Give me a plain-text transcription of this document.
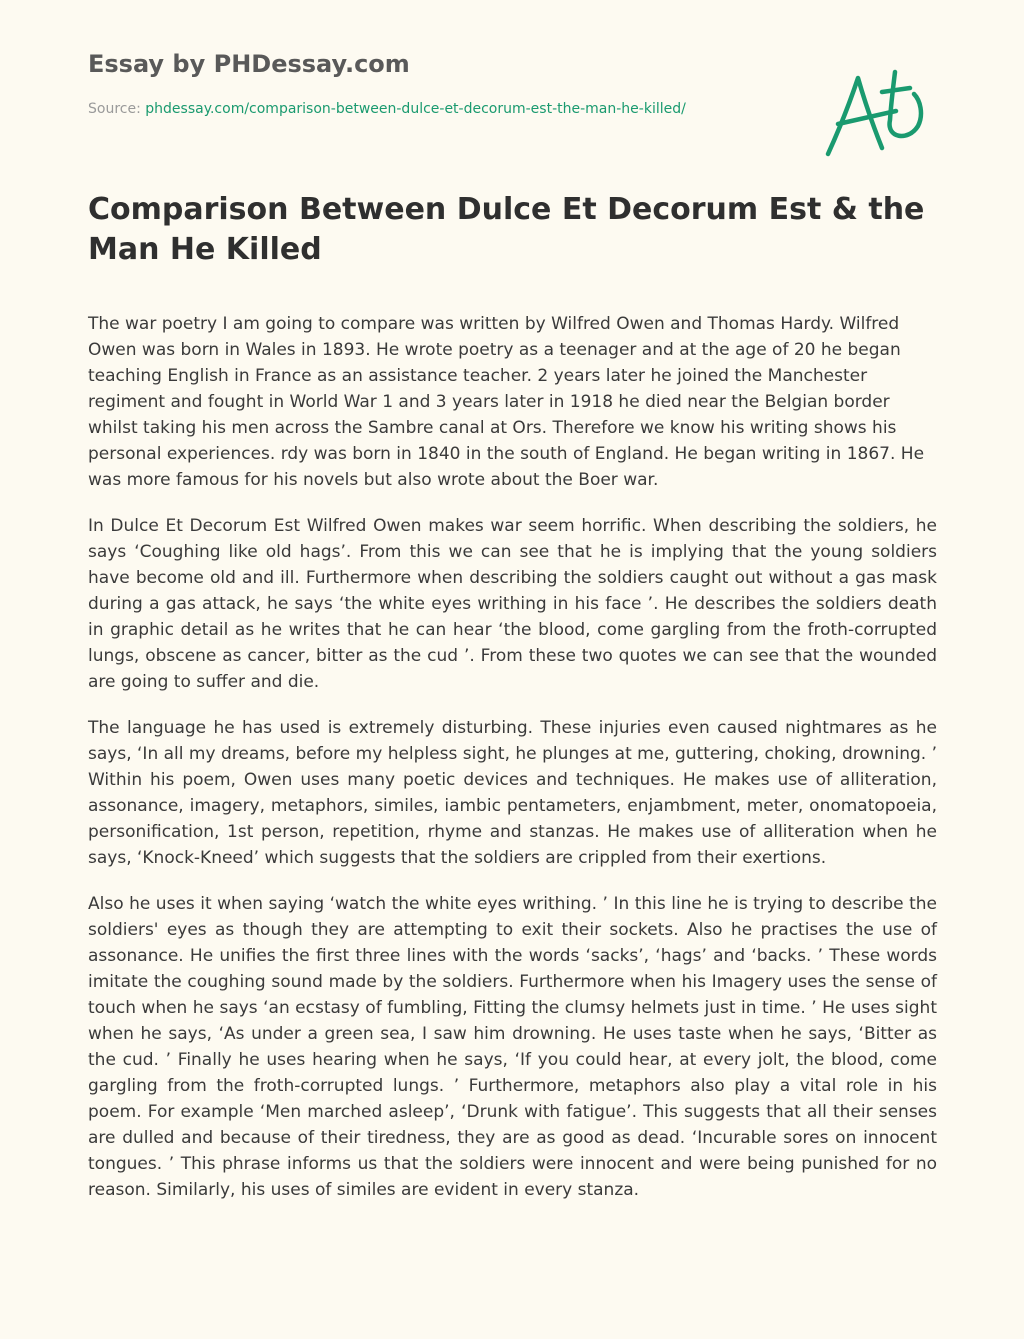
Essay by PHDessay.com
Source: phdessay.com/comparison-between-dulce-et-decorum-est-the-man-he-killed/
Comparison Between Dulce Et Decorum Est & the Man He Killed

The war poetry I am going to compare was written by Wilfred Owen and Thomas Hardy. Wilfred Owen was born in Wales in 1893. He wrote poetry as a teenager and at the age of 20 he began teaching English in France as an assistance teacher. 2 years later he joined the Manchester regiment and fought in World War 1 and 3 years later in 1918 he died near the Belgian border whilst taking his men across the Sambre canal at Ors. Therefore we know his writing shows his personal experiences. rdy was born in 1840 in the south of England. He began writing in 1867. He was more famous for his novels but also wrote about the Boer war.

In Dulce Et Decorum Est Wilfred Owen makes war seem horrific. When describing the soldiers, he says ‘Coughing like old hags’. From this we can see that he is implying that the young soldiers have become old and ill. Furthermore when describing the soldiers caught out without a gas mask during a gas attack, he says ‘the white eyes writhing in his face ’. He describes the soldiers death in graphic detail as he writes that he can hear ‘the blood, come gargling from the froth-corrupted lungs, obscene as cancer, bitter as the cud ’. From these two quotes we can see that the wounded are going to suffer and die.

The language he has used is extremely disturbing. These injuries even caused nightmares as he says, ‘In all my dreams, before my helpless sight, he plunges at me, guttering, choking, drowning. ’ Within his poem, Owen uses many poetic devices and techniques. He makes use of alliteration, assonance, imagery, metaphors, similes, iambic pentameters, enjambment, meter, onomatopoeia, personification, 1st person, repetition, rhyme and stanzas. He makes use of alliteration when he says, ‘Knock-Kneed’ which suggests that the soldiers are crippled from their exertions.

Also he uses it when saying ‘watch the white eyes writhing. ’ In this line he is trying to describe the soldiers' eyes as though they are attempting to exit their sockets. Also he practises the use of assonance. He unifies the first three lines with the words ‘sacks’, ‘hags’ and ‘backs. ’ These words imitate the coughing sound made by the soldiers. Furthermore when his Imagery uses the sense of touch when he says ‘an ecstasy of fumbling, Fitting the clumsy helmets just in time. ’ He uses sight when he says, ‘As under a green sea, I saw him drowning. He uses taste when he says, ‘Bitter as the cud. ’ Finally he uses hearing when he says, ‘If you could hear, at every jolt, the blood, come gargling from the froth-corrupted lungs. ’ Furthermore, metaphors also play a vital role in his poem. For example ‘Men marched asleep’, ‘Drunk with fatigue’. This suggests that all their senses are dulled and because of their tiredness, they are as good as dead. ‘Incurable sores on innocent tongues. ’ This phrase informs us that the soldiers were innocent and were being punished for no reason. Similarly, his uses of similes are evident in every stanza.
